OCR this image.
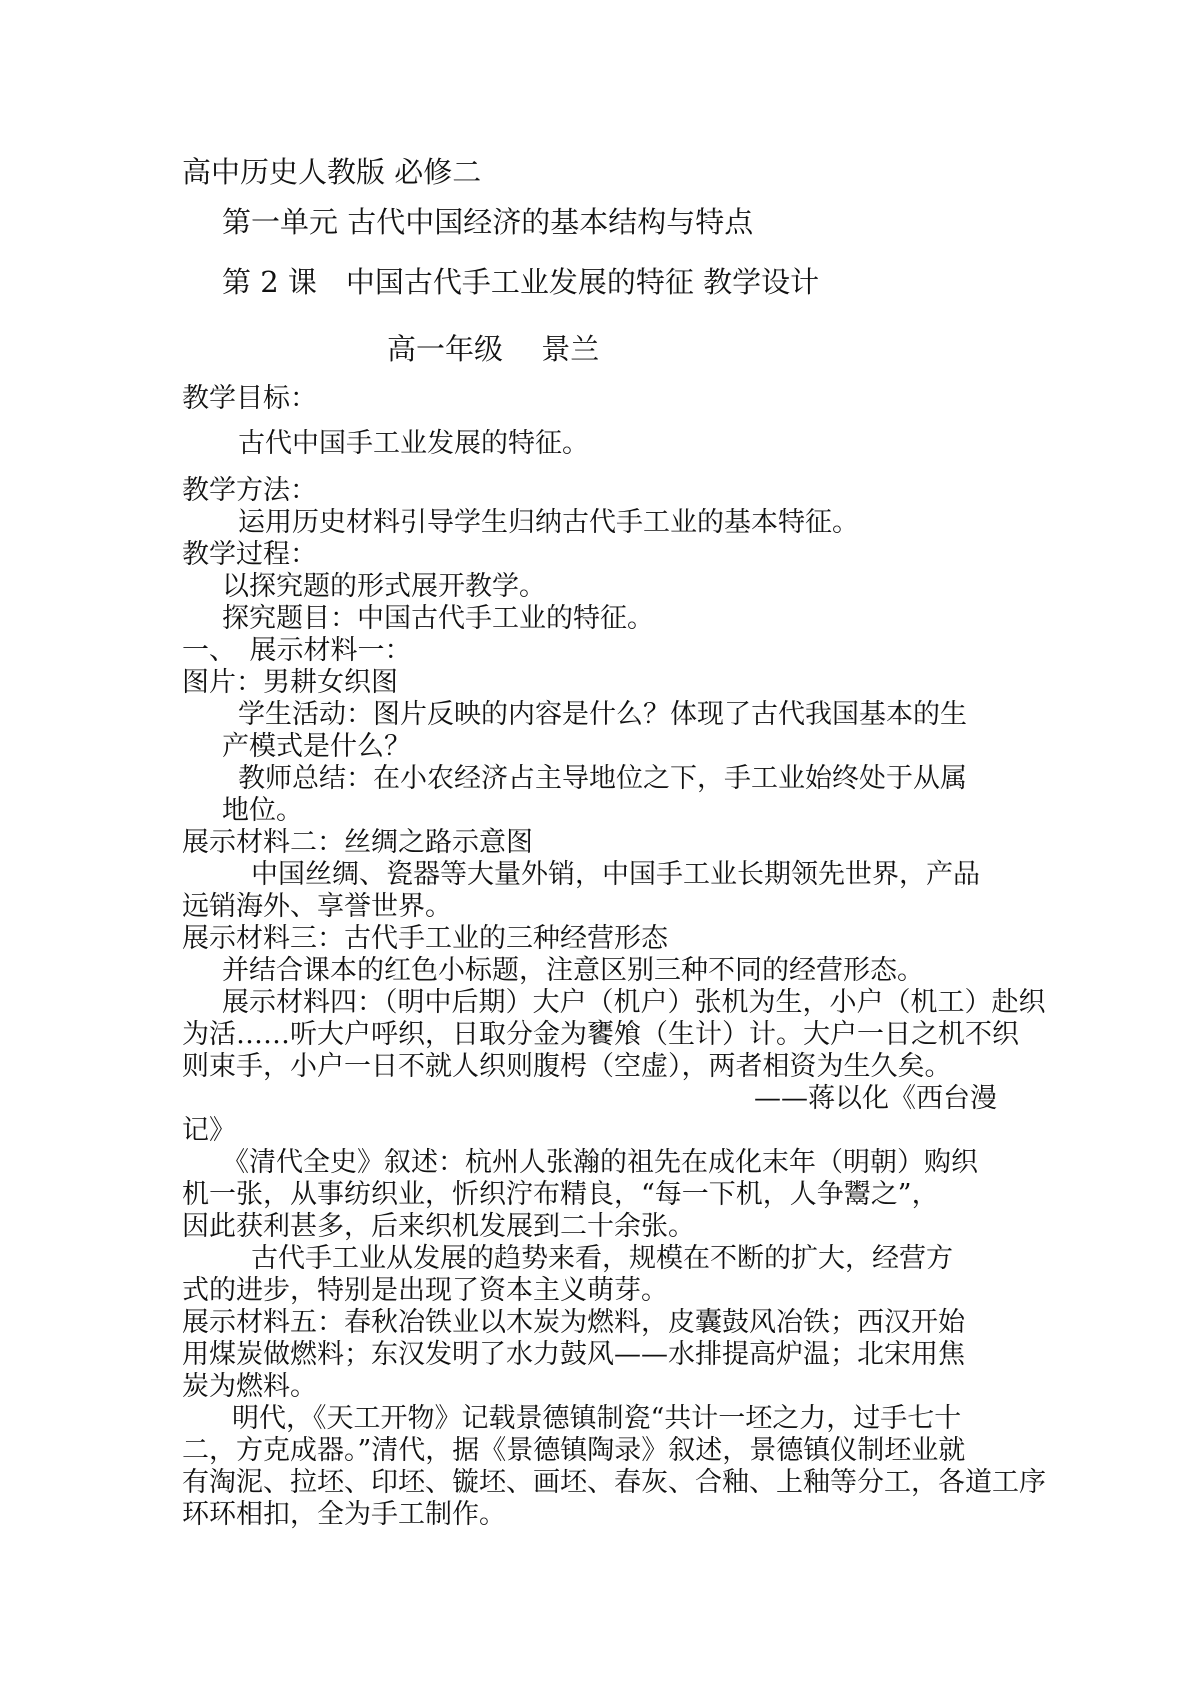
高中历史人教版 必修二
第一单元 古代中国经济的基本结构与特点
第 2 课　中国古代手工业发展的特征 教学设计
高一年级　 景兰
教学目标：
古代中国手工业发展的特征。
教学方法：
运用历史材料引导学生归纳古代手工业的基本特征。
教学过程：
以探究题的形式展开教学。
探究题目：中国古代手工业的特征。
一、　展示材料一：
图片：男耕女织图
学生活动：图片反映的内容是什么？体现了古代我国基本的生
产模式是什么？
教师总结：在小农经济占主导地位之下，手工业始终处于从属
地位。
展示材料二：丝绸之路示意图
中国丝绸、瓷器等大量外销，中国手工业长期领先世界，产品
远销海外、享誉世界。
展示材料三：古代手工业的三种经营形态
并结合课本的红色小标题，注意区别三种不同的经营形态。
展示材料四：（明中后期）大户（机户）张机为生，小户（机工）赴织
为活……听大户呼织，日取分金为饔飧（生计）计。大户一日之机不织
则束手，小户一日不就人织则腹枵（空虚），两者相资为生久矣。
——蒋以化《西台漫
记》
《清代全史》叙述：杭州人张瀚的祖先在成化末年（明朝）购织
机一张，从事纺织业，忻织泞布精良，“每一下机，人争鬻之”，
因此获利甚多，后来织机发展到二十余张。
古代手工业从发展的趋势来看，规模在不断的扩大，经营方
式的进步，特别是出现了资本主义萌芽。
展示材料五：春秋冶铁业以木炭为燃料，皮囊鼓风冶铁；西汉开始
用煤炭做燃料；东汉发明了水力鼓风——水排提高炉温；北宋用焦
炭为燃料。
明代，《天工开物》记载景德镇制瓷“共计一坯之力，过手七十
二，方克成器。”清代，据《景德镇陶录》叙述，景德镇仪制坯业就
有淘泥、拉坯、印坯、镟坯、画坯、春灰、合釉、上釉等分工，各道工序
环环相扣，全为手工制作。
